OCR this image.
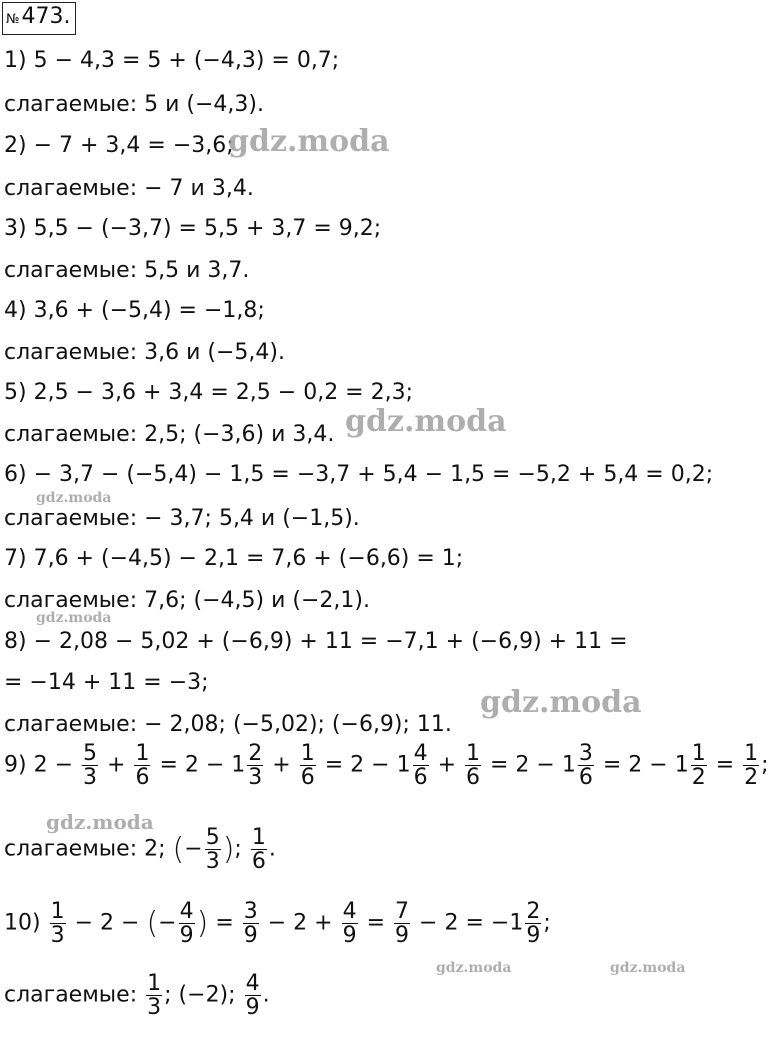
№473.
1) 5 − 4,3 = 5 + (−4,3) = 0,7;
слагаемые: 5 и (−4,3).
2) − 7 + 3,4 = −3,6;
слагаемые: − 7 и 3,4.
3) 5,5 − (−3,7) = 5,5 + 3,7 = 9,2;
слагаемые: 5,5 и 3,7.
4) 3,6 + (−5,4) = −1,8;
слагаемые: 3,6 и (−5,4).
5) 2,5 − 3,6 + 3,4 = 2,5 − 0,2 = 2,3;
слагаемые: 2,5; (−3,6) и 3,4.
6) − 3,7 − (−5,4) − 1,5 = −3,7 + 5,4 − 1,5 = −5,2 + 5,4 = 0,2;
слагаемые: − 3,7; 5,4 и (−1,5).
7) 7,6 + (−4,5) − 2,1 = 7,6 + (−6,6) = 1;
слагаемые: 7,6; (−4,5) и (−2,1).
8) − 2,08 − 5,02 + (−6,9) + 11 = −7,1 + (−6,9) + 11 =
= −14 + 11 = −3;
слагаемые: − 2,08; (−5,02); (−6,9); 11.
9) $2 - \frac{5}{3} + \frac{1}{6} = 2 - 1 \frac{2}{3} + \frac{1}{6} = 2 - 1 \frac{4}{6} + \frac{1}{6} = 2 - 1 \frac{3}{6} = 2 - 1 \frac{1}{2} = \frac{1}{2}$ ;
слагаемые: 2; (− $\frac{5}{3}$ ); $\frac{1}{6}$ .
$10) \frac{1}{3} - 2$ − (− $\frac{4}{9}$ ) = $\frac{3}{9} - 2 + \frac{4}{9} = \frac{7}{9} - 2 = -1 \frac{2}{9}$ ;
слагаемые: $\frac{1}{3}$ ; (−2); $\frac{4}{9}$ .
gdz.moda
gdz.moda
gdz.moda
gdz.moda
gdz.moda
gdz.moda
gdz.moda	gdz.moda
